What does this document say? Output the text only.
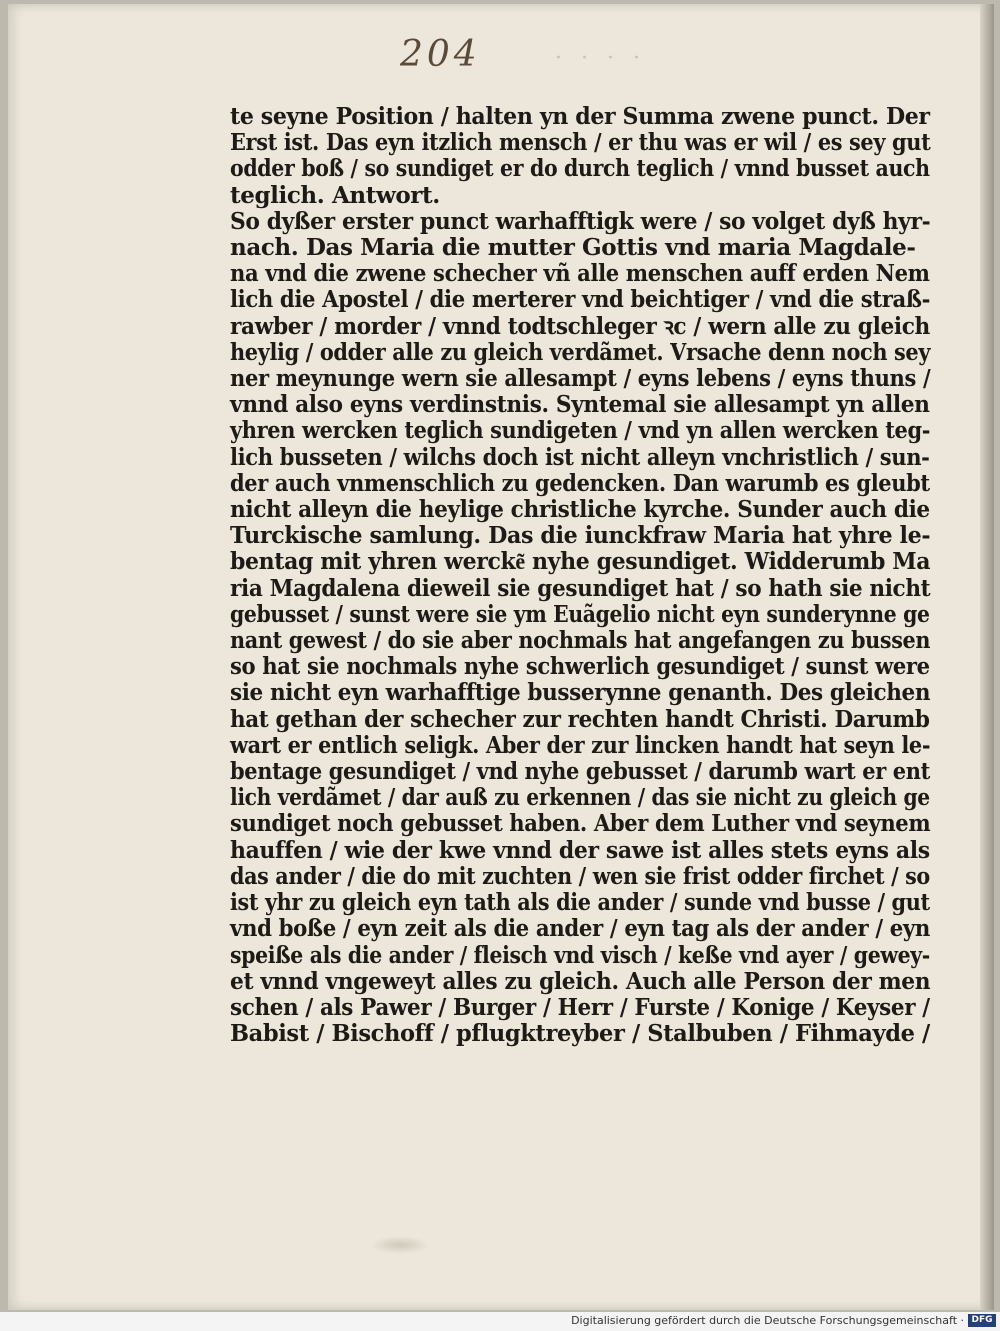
204	· · · ·
te seyne Position / halten yn der Summa zwene punct. Der
Erst ist. Das eyn itzlich mensch / er thu was er wil / es sey gut
odder boß / so sundiget er do durch teglich / vnnd busset auch
teglich. Antwort.
So dyßer erster punct warhafftigk were / so volget dyß hyr-
nach. Das Maria die mutter Gottis vnd maria Magdale-
na vnd die zwene schecher vñ alle menschen auff erden Nem
lich die Apostel / die merterer vnd beichtiger / vnd die straß-
rawber / morder / vnnd todtschleger ꝛc / wern alle zu gleich
heylig / odder alle zu gleich verdãmet. Vrsache denn noch sey
ner meynunge wern sie allesampt / eyns lebens / eyns thuns /
vnnd also eyns verdinstnis. Syntemal sie allesampt yn allen
yhren wercken teglich sundigeten / vnd yn allen wercken teg-
lich busseten / wilchs doch ist nicht alleyn vnchristlich / sun-
der auch vnmenschlich zu gedencken. Dan warumb es gleubt
nicht alleyn die heylige christliche kyrche. Sunder auch die
Turckische samlung. Das die iunckfraw Maria hat yhre le-
bentag mit yhren wercke͂ nyhe gesundiget. Widderumb Ma
ria Magdalena dieweil sie gesundiget hat / so hath sie nicht
gebusset / sunst were sie ym Euãgelio nicht eyn sunderynne ge
nant gewest / do sie aber nochmals hat angefangen zu bussen
so hat sie nochmals nyhe schwerlich gesundiget / sunst were
sie nicht eyn warhafftige busserynne genanth. Des gleichen
hat gethan der schecher zur rechten handt Christi. Darumb
wart er entlich seligk. Aber der zur lincken handt hat seyn le-
bentage gesundiget / vnd nyhe gebusset / darumb wart er ent
lich verdãmet / dar auß zu erkennen / das sie nicht zu gleich ge
sundiget noch gebusset haben. Aber dem Luther vnd seynem
hauffen / wie der kwe vnnd der sawe ist alles stets eyns als
das ander / die do mit zuchten / wen sie frist odder firchet / so
ist yhr zu gleich eyn tath als die ander / sunde vnd busse / gut
vnd boße / eyn zeit als die ander / eyn tag als der ander / eyn
speiße als die ander / fleisch vnd visch / keße vnd ayer / gewey-
et vnnd vngeweyt alles zu gleich. Auch alle Person der men
schen / als Pawer / Burger / Herr / Furste / Konige / Keyser /
Babist / Bischoff / pflugktreyber / Stalbuben / Fihmayde /
Digitalisierung gefördert durch die Deutsche Forschungsgemeinschaft · DFG
